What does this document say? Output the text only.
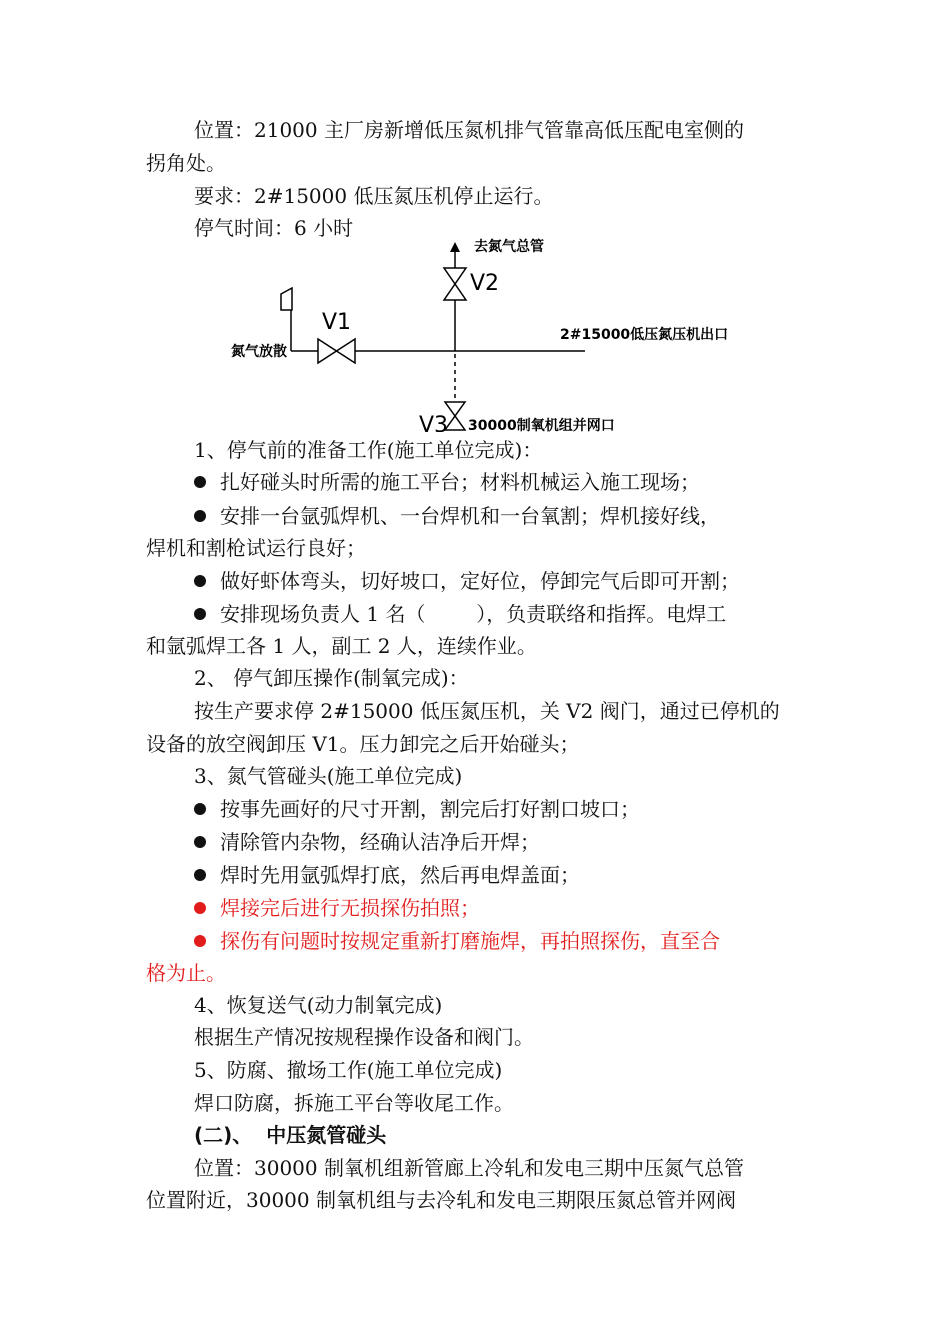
位置：21000 主厂房新增低压氮机排气管靠高低压配电室侧的
拐角处。
要求：2#15000 低压氮压机停止运行。
停气时间：6 小时
去氮气总管
V2
V1
氮气放散
2#15000低压氮压机出口
V3 30000制氧机组并网口
1、停气前的准备工作(施工单位完成)：
扎好碰头时所需的施工平台；材料机械运入施工现场；
安排一台氩弧焊机、一台焊机和一台氧割；焊机接好线，
焊机和割枪试运行良好；
做好虾体弯头，切好坡口，定好位，停卸完气后即可开割；
安排现场负责人 1 名（        ），负责联络和指挥。电焊工
和氩弧焊工各 1 人，副工 2 人，连续作业。
2、 停气卸压操作(制氧完成)：
按生产要求停 2#15000 低压氮压机，关 V2 阀门，通过已停机的
设备的放空阀卸压 V1。压力卸完之后开始碰头；
3、氮气管碰头(施工单位完成)
按事先画好的尺寸开割，割完后打好割口坡口；
清除管内杂物，经确认洁净后开焊；
焊时先用氩弧焊打底，然后再电焊盖面；
焊接完后进行无损探伤拍照；
探伤有问题时按规定重新打磨施焊，再拍照探伤，直至合
格为止。
4、恢复送气(动力制氧完成)
根据生产情况按规程操作设备和阀门。
5、防腐、撤场工作(施工单位完成)
焊口防腐，拆施工平台等收尾工作。
(二)、  中压氮管碰头
位置：30000 制氧机组新管廊上冷轧和发电三期中压氮气总管
位置附近，30000 制氧机组与去冷轧和发电三期限压氮总管并网阀
